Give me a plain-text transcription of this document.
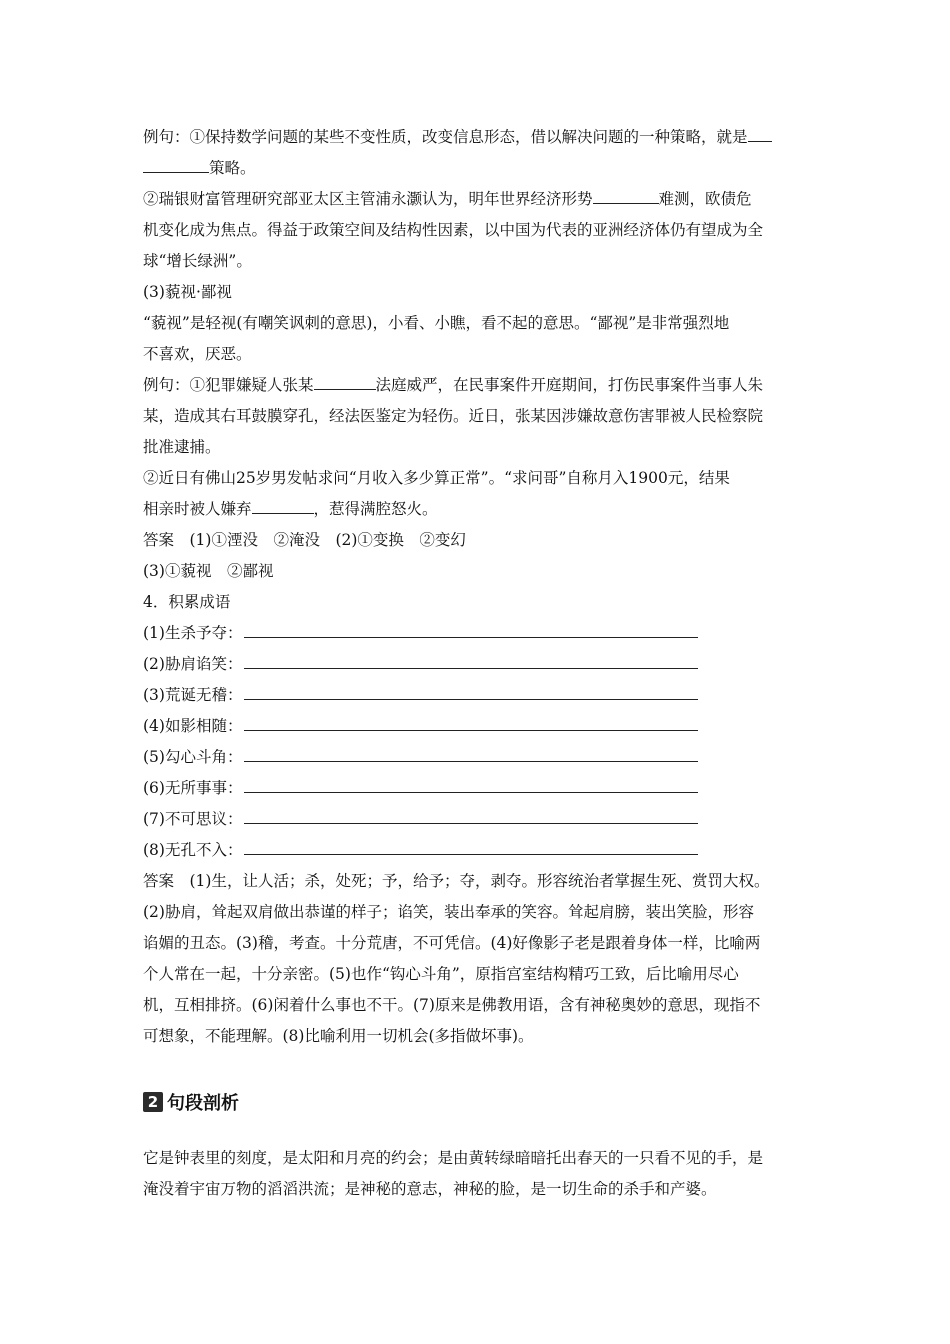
例句：①保持数学问题的某些不变性质，改变信息形态，借以解决问题的一种策略，就是
策略。
②瑞银财富管理研究部亚太区主管浦永灏认为，明年世界经济形势	难测，欧债危
机变化成为焦点。得益于政策空间及结构性因素，以中国为代表的亚洲经济体仍有望成为全
球“增长绿洲”。
(3)藐视·鄙视
“藐视”是轻视(有嘲笑讽刺的意思)，小看、小瞧，看不起的意思。“鄙视”是非常强烈地
不喜欢，厌恶。
例句：①犯罪嫌疑人张某	法庭威严，在民事案件开庭期间，打伤民事案件当事人朱
某，造成其右耳鼓膜穿孔，经法医鉴定为轻伤。近日，张某因涉嫌故意伤害罪被人民检察院
批准逮捕。
②近日有佛山25岁男发帖求问“月收入多少算正常”。“求问哥”自称月入1900元，结果
相亲时被人嫌弃	，惹得满腔怒火。
答案　(1)①湮没　②淹没　(2)①变换　②变幻
(3)①藐视　②鄙视
4．积累成语
(1)生杀予夺：
(2)胁肩谄笑：
(3)荒诞无稽：
(4)如影相随：
(5)勾心斗角：
(6)无所事事：
(7)不可思议：
(8)无孔不入：
答案　(1)生，让人活；杀，处死；予，给予；夺，剥夺。形容统治者掌握生死、赏罚大权。
(2)胁肩，耸起双肩做出恭谨的样子；谄笑，装出奉承的笑容。耸起肩膀，装出笑脸，形容
谄媚的丑态。(3)稽，考查。十分荒唐，不可凭信。(4)好像影子老是跟着身体一样，比喻两
个人常在一起，十分亲密。(5)也作“钩心斗角”，原指宫室结构精巧工致，后比喻用尽心
机，互相排挤。(6)闲着什么事也不干。(7)原来是佛教用语，含有神秘奥妙的意思，现指不
可想象，不能理解。(8)比喻利用一切机会(多指做坏事)。
2 句段剖析
它是钟表里的刻度，是太阳和月亮的约会；是由黄转绿暗暗托出春天的一只看不见的手，是
淹没着宇宙万物的滔滔洪流；是神秘的意志，神秘的脸，是一切生命的杀手和产婆。
